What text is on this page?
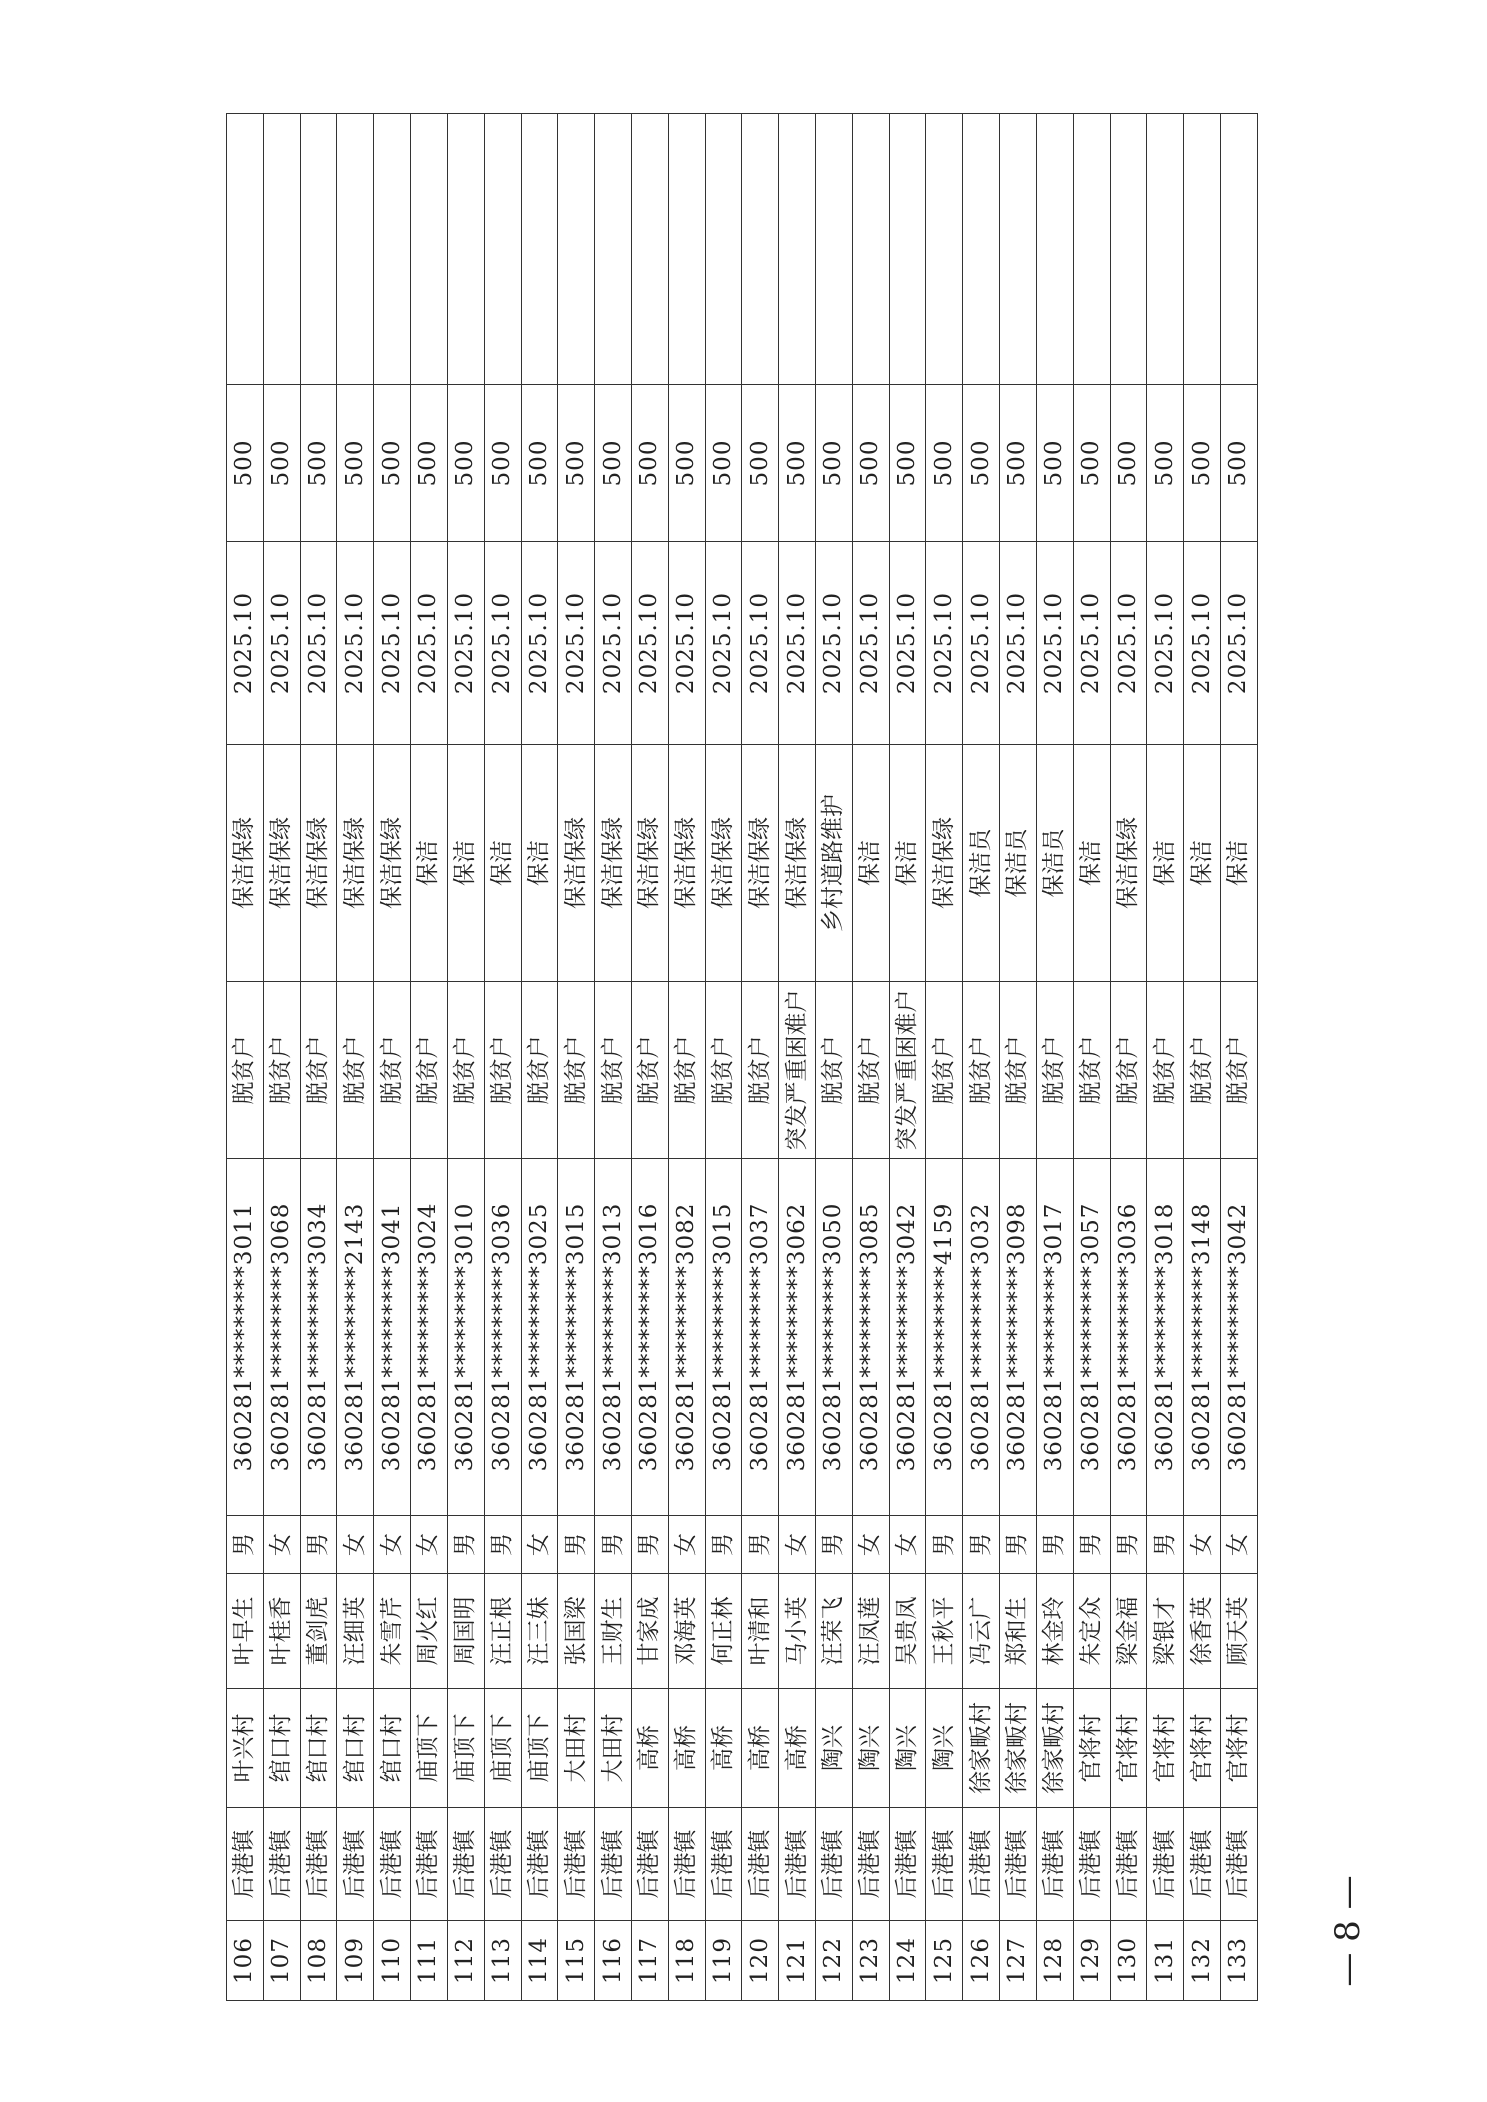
106	后港镇	叶兴村	叶早生	男	360281*********3011	脱贫户	保洁保绿	2025.10	500	
107	后港镇	绾口村	叶桂香	女	360281*********3068	脱贫户	保洁保绿	2025.10	500	
108	后港镇	绾口村	董剑虎	男	360281*********3034	脱贫户	保洁保绿	2025.10	500	
109	后港镇	绾口村	汪细英	女	360281*********2143	脱贫户	保洁保绿	2025.10	500	
110	后港镇	绾口村	朱雪芹	女	360281*********3041	脱贫户	保洁保绿	2025.10	500	
111	后港镇	庙顶下	周火红	女	360281*********3024	脱贫户	保洁	2025.10	500	
112	后港镇	庙顶下	周国明	男	360281*********3010	脱贫户	保洁	2025.10	500	
113	后港镇	庙顶下	汪正根	男	360281*********3036	脱贫户	保洁	2025.10	500	
114	后港镇	庙顶下	汪三妹	女	360281*********3025	脱贫户	保洁	2025.10	500	
115	后港镇	大田村	张国梁	男	360281*********3015	脱贫户	保洁保绿	2025.10	500	
116	后港镇	大田村	王财生	男	360281*********3013	脱贫户	保洁保绿	2025.10	500	
117	后港镇	高桥	甘家成	男	360281*********3016	脱贫户	保洁保绿	2025.10	500	
118	后港镇	高桥	邓海英	女	360281*********3082	脱贫户	保洁保绿	2025.10	500	
119	后港镇	高桥	何正林	男	360281*********3015	脱贫户	保洁保绿	2025.10	500	
120	后港镇	高桥	叶清和	男	360281*********3037	脱贫户	保洁保绿	2025.10	500	
121	后港镇	高桥	马小英	女	360281*********3062	突发严重困难户	保洁保绿	2025.10	500	
122	后港镇	陶兴	汪荣飞	男	360281*********3050	脱贫户	乡村道路维护	2025.10	500	
123	后港镇	陶兴	汪凤莲	女	360281*********3085	脱贫户	保洁	2025.10	500	
124	后港镇	陶兴	吴贵凤	女	360281*********3042	突发严重困难户	保洁	2025.10	500	
125	后港镇	陶兴	王秋平	男	360281*********4159	脱贫户	保洁保绿	2025.10	500	
126	后港镇	徐家畈村	冯云广	男	360281*********3032	脱贫户	保洁员	2025.10	500	
127	后港镇	徐家畈村	郑和生	男	360281*********3098	脱贫户	保洁员	2025.10	500	
128	后港镇	徐家畈村	林金玲	男	360281*********3017	脱贫户	保洁员	2025.10	500	
129	后港镇	官将村	朱定众	男	360281*********3057	脱贫户	保洁	2025.10	500	
130	后港镇	官将村	梁金福	男	360281*********3036	脱贫户	保洁保绿	2025.10	500	
131	后港镇	官将村	梁银才	男	360281*********3018	脱贫户	保洁	2025.10	500	
132	后港镇	官将村	徐香英	女	360281*********3148	脱贫户	保洁	2025.10	500	
133	后港镇	官将村	顾天英	女	360281*********3042	脱贫户	保洁	2025.10	500	
— 8 —
